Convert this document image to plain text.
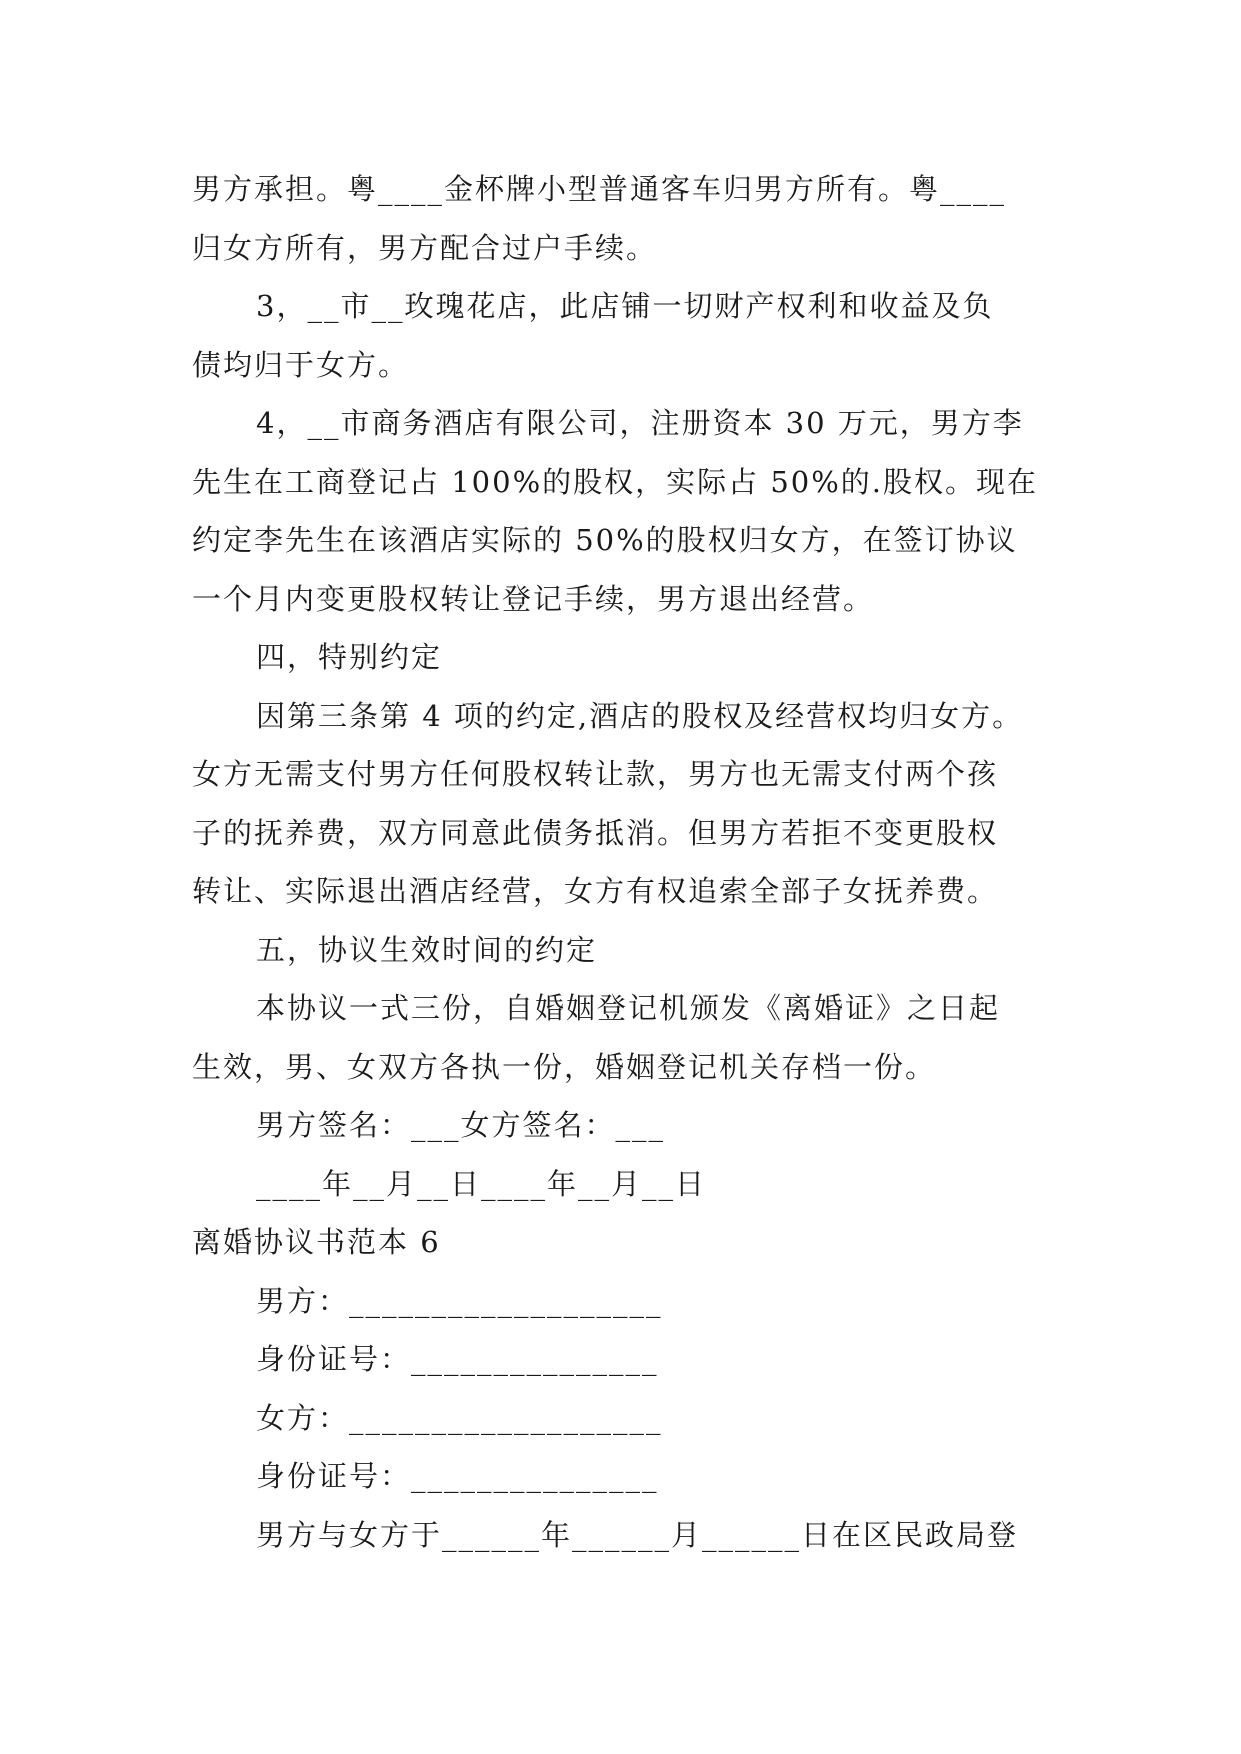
男方承担。粤____金杯牌小型普通客车归男方所有。粤____
归女方所有，男方配合过户手续。
3，__市__玫瑰花店，此店铺一切财产权利和收益及负
债均归于女方。
4，__市商务酒店有限公司，注册资本 30 万元，男方李
先生在工商登记占 100%的股权，实际占 50%的.股权。现在
约定李先生在该酒店实际的 50%的股权归女方，在签订协议
一个月内变更股权转让登记手续，男方退出经营。
四，特别约定
因第三条第 4 项的约定,酒店的股权及经营权均归女方。
女方无需支付男方任何股权转让款，男方也无需支付两个孩
子的抚养费，双方同意此债务抵消。但男方若拒不变更股权
转让、实际退出酒店经营，女方有权追索全部子女抚养费。
五，协议生效时间的约定
本协议一式三份，自婚姻登记机颁发《离婚证》之日起
生效，男、女双方各执一份，婚姻登记机关存档一份。
男方签名：___女方签名：___
____年__月__日____年__月__日
离婚协议书范本 6
男方：___________________
身份证号：_______________
女方：___________________
身份证号：_______________
男方与女方于______年______月______日在区民政局登
